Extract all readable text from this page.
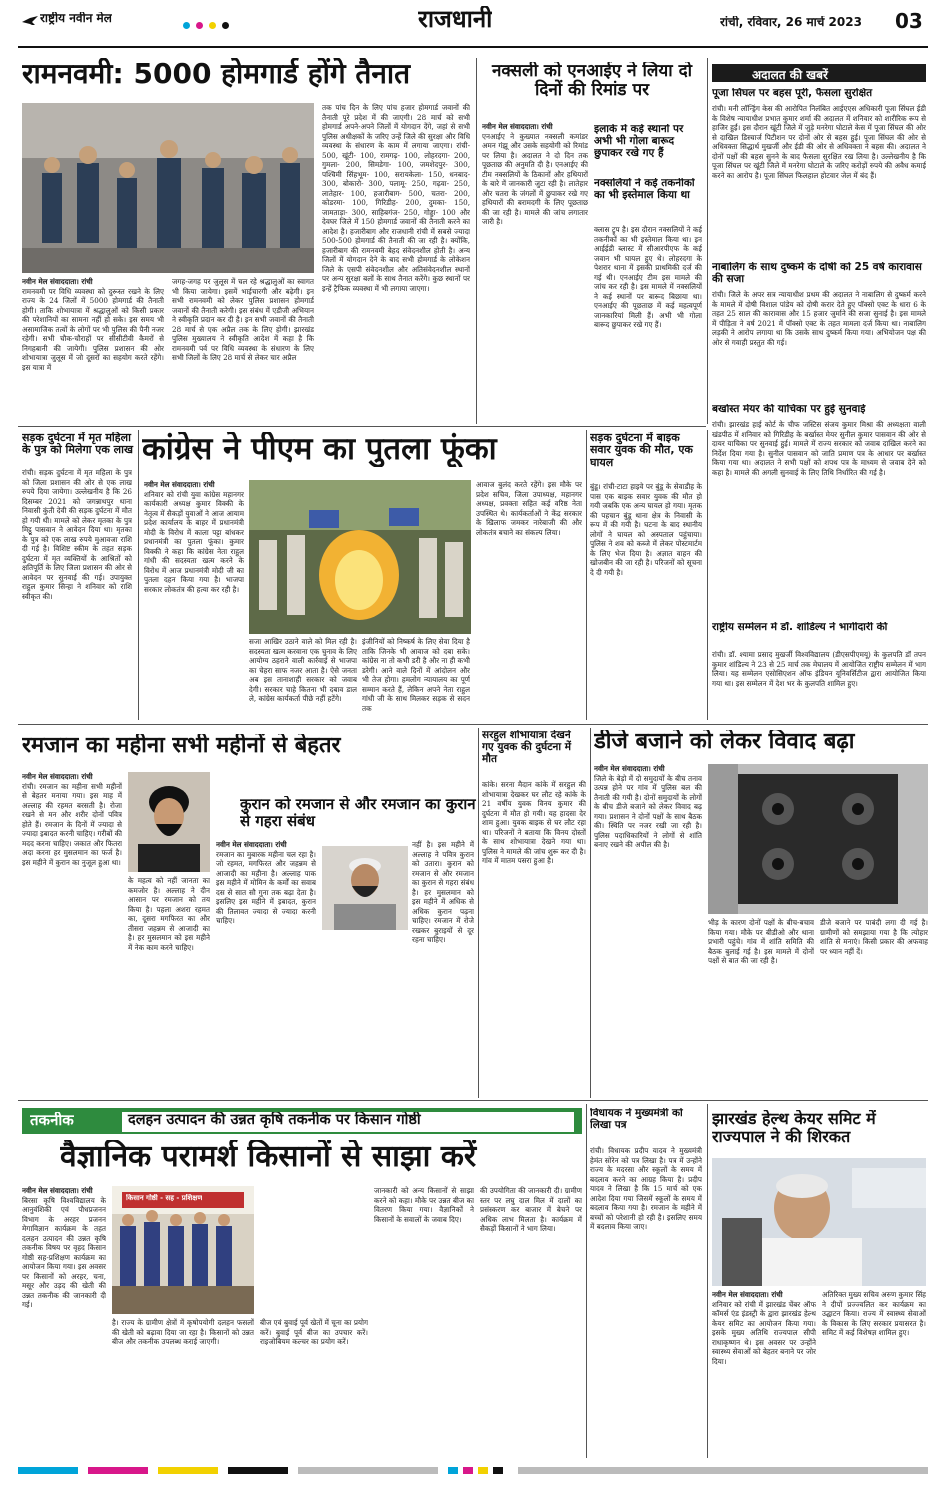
राष्ट्रीय नवीन मेल	राजधानी	रांची, रविवार, 26 मार्च 2023 03
रामनवमी: 5000 होमगार्ड होंगे तैनात
नवीन मेल संवाददाता। रांची
रामनवमी पर विधि व्यवस्था को दुरूस्त रखने के लिए राज्य के 24 जिलों में 5000 होमगार्ड की तैनाती होगी। ताकि शोभायात्रा में श्रद्धालुओं को किसी प्रकार की परेशानियों का सामना नहीं हो सके। इस समय भी असामाजिक तत्वों के लोगों पर भी पुलिस की पैनी नजर रहेगी। सभी चौक-चौराहों पर सीसीटीवी कैमरों से निगहबानी की जायेगी। पुलिस प्रशासन की ओर शोभायात्रा जुलूस में जो दूसरों का सहयोग करते रहेंगे। इस यात्रा में
जगह-जगह पर जुलूस में चल रहे श्रद्धालुओं का स्वागत भी किया जायेगा। इसमें भाईचारगी और बढ़ेगी। इन सभी रामनवमी को लेकर पुलिस प्रशासन होमगार्ड जवानों की तैनाती करेगी। इस संबंध में एडीजी अभियान ने स्वीकृति प्रदान कर दी है। इन सभी जवानों की तैनाती 28 मार्च से एक अप्रैल तक के लिए होगी। झारखंड पुलिस मुख्यालय ने स्वीकृति आदेश में कहा है कि रामनवमी पर्व पर विधि व्यवस्था के संधारण के लिए सभी जिलों के लिए 28 मार्च से लेकर चार अप्रैल
तक पांच दिन के लिए पांच हजार होमगार्ड जवानों की तैनाती पूरे प्रदेश में की जाएगी। 28 मार्च को सभी होमगार्ड अपने-अपने जिलों में योगदान देंगे, जहां से सभी पुलिस अधीक्षकों के जरिए उन्हें जिले की सुरक्षा और विधि व्यवस्था के संधारण के काम में लगाया जाएगा। रांची- 500, खूंटी- 100, रामगढ़- 100, लोहरदगा- 200, गुमला- 200, सिमडेगा- 100, जमशेदपुर- 300, पश्चिमी सिंहभूम- 100, सरायकेला- 150, धनबाद- 300, बोकारो- 300, पलामू- 250, गढ़वा- 250, लातेहार- 100, हजारीबाग- 500, चतरा- 200, कोडरमा- 100, गिरिडीह- 200, दुमका- 150, जामताड़ा- 300, साहिबगंज- 250, गोड्डा- 100 और देवघर जिले में 150 होमगार्ड जवानों की तैनाती करने का आदेश है। हजारीबाग और राजधानी रांची में सबसे ज्यादा 500-500 होमगार्ड की तैनाती की जा रही है। क्योंकि, हजारीबाग की रामनवमी बेहद संवेदनशील होती है। अन्य जिलों में योगदान देने के बाद सभी होमगार्ड के लोकेशन जिले के एसपी संवेदनशील और अतिसंवेदनशील स्थानों पर अन्य सुरक्षा बलों के साथ तैनात करेंगे। कुछ स्थानों पर इन्हें ट्रैफिक व्यवस्था में भी लगाया जाएगा।
नक्सली को एनआईए ने लिया दो दिनों की रिमांड पर
इलाके में कई स्थानों पर अभी भी गोला बारूद छुपाकर रखे गए हैं
नक्सलियों ने कई तकनीकों का भी इस्तेमाल किया था
नवीन मेल संवाददाता। रांची
एनआईए ने कुख्यात नक्सली कमांडर अमन गंझू और उसके सहयोगी को रिमांड पर लिया है। अदालत ने दो दिन तक पूछताछ की अनुमति दी है। एनआईए की टीम नक्सलियों के ठिकानों और हथियारों के बारे में जानकारी जुटा रही है। लातेहार और चतरा के जंगलों में छुपाकर रखे गए हथियारों की बरामदगी के लिए पूछताछ की जा रही है। मामले की जांच लगातार जारी है।
क्लास ट्रूप है। इस दौरान नक्सलियों ने कई तकनीकों का भी इस्तेमाल किया था। इन आईईडी ब्लास्ट में सीआरपीएफ के कई जवान भी घायल हुए थे। लोहरदगा के पेशरार थाना में इसकी प्राथमिकी दर्ज की गई थी। एनआईए टीम इस मामले की जांच कर रही है। इस मामले में नक्सलियों ने कई स्थानों पर बारूद बिछाया था। एनआईए की पूछताछ में कई महत्वपूर्ण जानकारियां मिली हैं। अभी भी गोला बारूद छुपाकर रखे गए हैं।
अदालत की खबरें
पूजा सिंघल पर बहस पूरी, फैसला सुरक्षित
रांची। मनी लॉन्ड्रिंग केस की आरोपित निलंबित आईएएस अधिकारी पूजा सिंघल ईडी के विशेष न्यायाधीश प्रभात कुमार शर्मा की अदालत में शनिवार को शारीरिक रूप से हाजिर हुईं। इस दौरान खूंटी जिले में जुड़े मनरेगा घोटाले केस में पूजा सिंघल की ओर से दाखिल डिस्चार्ज पिटीशन पर दोनों ओर से बहस हुई। पूजा सिंघल की ओर से अधिवक्ता सिद्धार्थ मुखर्जी और ईडी की ओर से अधिवक्ता ने बहस की। अदालत ने दोनों पक्षों की बहस सुनने के बाद फैसला सुरक्षित रख लिया है। उल्लेखनीय है कि पूजा सिंघल पर खूंटी जिले में मनरेगा घोटाले के जरिए करोड़ों रुपये की अवैध कमाई करने का आरोप है। पूजा सिंघल फिलहाल होटवार जेल में बंद हैं।
नाबालिग के साथ दुष्कर्म के दोषी को 25 वर्ष कारावास की सजा
रांची। जिले के अपर सत्र न्यायाधीश प्रथम की अदालत ने नाबालिग से दुष्कर्म करने के मामले में दोषी विशाल पांडेय को दोषी करार देते हुए पॉक्सो एक्ट के धारा 6 के तहत 25 साल की कारावास और 15 हजार जुर्माने की सजा सुनाई है। इस मामले में पीड़िता ने वर्ष 2021 में पॉक्सो एक्ट के तहत मामला दर्ज किया था। नाबालिग लड़की ने आरोप लगाया था कि उसके साथ दुष्कर्म किया गया। अभियोजन पक्ष की ओर से गवाही प्रस्तुत की गई।
बर्खास्त मेयर की याचिका पर हुई सुनवाई
रांची। झारखंड हाई कोर्ट के चीफ जस्टिस संजय कुमार मिश्रा की अध्यक्षता वाली खंडपीठ में शनिवार को गिरिडीह के बर्खास्त मेयर सुनील कुमार पासवान की ओर से दायर याचिका पर सुनवाई हुई। मामले में राज्य सरकार को जवाब दाखिल करने का निर्देश दिया गया है। सुनील पासवान को जाति प्रमाण पत्र के आधार पर बर्खास्त किया गया था। अदालत ने सभी पक्षों को शपथ पत्र के माध्यम से जवाब देने को कहा है। मामले की अगली सुनवाई के लिए तिथि निर्धारित की गई है।
राष्ट्रीय सम्मेलन में डॉ. शांडिल्य ने भागीदारी की
रांची। डॉ. श्यामा प्रसाद मुखर्जी विश्वविद्यालय (डीएसपीएमयू) के कुलपति डॉ तपन कुमार शांडिल्य ने 23 से 25 मार्च तक मेघालय में आयोजित राष्ट्रीय सम्मेलन में भाग लिया। यह सम्मेलन एसोसिएशन ऑफ इंडियन यूनिवर्सिटीज द्वारा आयोजित किया गया था। इस सम्मेलन में देश भर के कुलपति शामिल हुए।
सड़क दुर्घटना में मृत महिला के पुत्र को मिलेगा एक लाख
रांची। सड़क दुर्घटना में मृत महिला के पुत्र को जिला प्रशासन की ओर से एक लाख रुपये दिया जायेगा। उल्लेखनीय है कि 26 दिसम्बर 2021 को जगन्नाथपुर थाना निवासी कुंती देवी की सड़क दुर्घटना में मौत हो गयी थी। मामले को लेकर मृतका के पुत्र मिट्ठू पासवान ने आवेदन दिया था। मृतका के पुत्र को एक लाख रुपये मुआवजा राशि दी गई है। विशिष्ट स्कीम के तहत सड़क दुर्घटना में मृत व्यक्तियों के आश्रितों को क्षतिपूर्ति के लिए जिला प्रशासन की ओर से आवेदन पर सुनवाई की गई। उपायुक्त राहुल कुमार सिन्हा ने शनिवार को राशि स्वीकृत की।
कांग्रेस ने पीएम का पुतला फूंका
नवीन मेल संवाददाता। रांची
शनिवार को रांची युवा कांग्रेस महानगर कार्यकारी अध्यक्ष कुमार विक्की के नेतृत्व में सैकड़ों युवाओं ने आज आयाम प्रदेश कार्यालय के बाहर में प्रधानमंत्री मोदी के विरोध में काला पट्टा बांधकर प्रधानमंत्री का पुतला फूंका। कुमार विक्की ने कहा कि कांग्रेस नेता राहुल गांधी की सदस्यता खत्म करने के विरोध में आज प्रधानमंत्री मोदी जी का पुतला दहन किया गया है। भाजपा सरकार लोकतंत्र की हत्या कर रही है।
सजा आखिर उठाने वाले को मिल रही है। सदस्यता खत्म करवाना एक चुनाव के लिए आयोग्य ठहराने वाली कार्रवाई से भाजपा का चेहरा साफ नजर आता है। ऐसे जनता अब इस तानाशाही सरकार को जवाब देगी। सरकार चाहे कितना भी दबाव डाल ले, कांग्रेस कार्यकर्ता पीछे नहीं हटेंगे।
इंजीनियों को निष्कर्ष के लिए सेवा दिया है ताकि जिनके भी आवाज को दबा सके। कांग्रेस ना तो कभी डरी है और ना ही कभी डरेगी। आने वाले दिनों में आंदोलन और भी तेज होगा। हमलोग न्यायालय का पूर्ण सम्मान करते हैं, लेकिन अपने नेता राहुल गांधी जी के साथ मिलकर सड़क से सदन तक
आवाज बुलंद करते रहेंगे। इस मौके पर प्रदेश सचिव, जिला उपाध्यक्ष, महानगर अध्यक्ष, प्रवक्ता सहित कई वरिष्ठ नेता उपस्थित थे। कार्यकर्ताओं ने केंद्र सरकार के खिलाफ जमकर नारेबाजी की और लोकतंत्र बचाने का संकल्प लिया।
सड़क दुर्घटना में बाइक सवार युवक की मौत, एक घायल
बुंडू। रांची-टाटा हाइवे पर बुंडू के सेवाडीह के पास एक बाइक सवार युवक की मौत हो गयी जबकि एक अन्य घायल हो गया। मृतक की पहचान बुंडू थाना क्षेत्र के निवासी के रूप में की गयी है। घटना के बाद स्थानीय लोगों ने घायल को अस्पताल पहुंचाया। पुलिस ने शव को कब्जे में लेकर पोस्टमार्टम के लिए भेज दिया है। अज्ञात वाहन की खोजबीन की जा रही है। परिजनों को सूचना दे दी गयी है।
रमजान का महीना सभी महीनों से बेहतर
नवीन मेल संवाददाता। रांची
रांची। रमजान का महीना सभी महीनों से बेहतर मनाया गया। इस माह में अल्लाह की रहमत बरसती है। रोजा रखने से मन और शरीर दोनों पवित्र होते हैं। रमजान के दिनों में ज्यादा से ज्यादा इबादत करनी चाहिए। गरीबों की मदद करना चाहिए। जकात और फितरा अदा करना हर मुसलमान का फर्ज है। इस महीने में कुरान का नुजूल हुआ था।
के महत्व को नहीं जानता का कमजोर है। अल्लाह ने दीन आसान पर रमजान को तय किया है। पहला अशरा रहमत का, दूसरा मगफिरत का और तीसरा जहन्नम से आजादी का है। हर मुसलमान को इस महीने में नेक काम करने चाहिए।
कुरान को रमजान से और रमजान का कुरान से गहरा संबंध
नवीन मेल संवाददाता। रांची
रमजान का मुबारक महीना चल रहा है। जो रहमत, मगफिरत और जहन्नम से आजादी का महीना है। अल्लाह पाक इस महीने में मोमिन के कर्मों का सवाब दस से सात सौ गुना तक बढ़ा देता है। इसलिए इस महीने में इबादत, कुरान की तिलावत ज्यादा से ज्यादा करनी चाहिए।
नहीं है। इस महीने में अल्लाह ने पवित्र कुरान को उतारा। कुरान को रमजान से और रमजान का कुरान से गहरा संबंध है। हर मुसलमान को इस महीने में अधिक से अधिक कुरान पढ़ना चाहिए। रमजान में रोजे रखकर बुराइयों से दूर रहना चाहिए।
सरहुल शोभायात्रा देखने गए युवक की दुर्घटना में मौत
कांके। सरना मैदान कांके में सरहुल की शोभायात्रा देखकर घर लौट रहे कांके के 21 वर्षीय युवक विनय कुमार की दुर्घटना में मौत हो गयी। यह हादसा देर शाम हुआ। युवक बाइक से घर लौट रहा था। परिजनों ने बताया कि विनय दोस्तों के साथ शोभायात्रा देखने गया था। पुलिस ने मामले की जांच शुरू कर दी है। गांव में मातम पसरा हुआ है।
डीजे बजाने को लेकर विवाद बढ़ा
नवीन मेल संवाददाता। रांची
जिले के बेड़ो में दो समुदायों के बीच तनाव उत्पन्न होने पर गांव में पुलिस बल की तैनाती की गयी है। दोनों समुदायों के लोगों के बीच डीजे बजाने को लेकर विवाद बढ़ गया। प्रशासन ने दोनों पक्षों के साथ बैठक की। स्थिति पर नजर रखी जा रही है। पुलिस पदाधिकारियों ने लोगों से शांति बनाए रखने की अपील की है।
भीड़ के कारण दोनों पक्षों के बीच-बचाव किया गया। मौके पर बीडीओ और थाना प्रभारी पहुंचे। गांव में शांति समिति की बैठक बुलाई गई है। इस मामले में दोनों पक्षों से बात की जा रही है।
डीजे बजाने पर पाबंदी लगा दी गई है। ग्रामीणों को समझाया गया है कि त्योहार शांति से मनाएं। किसी प्रकार की अफवाह पर ध्यान नहीं दें।
तकनीक	दलहन उत्पादन की उन्नत कृषि तकनीक पर किसान गोष्ठी
वैज्ञानिक परामर्श किसानों से साझा करें
नवीन मेल संवाददाता। रांची
बिरसा कृषि विश्वविद्यालय के आनुवंशिकी एवं पौधप्रजनन विभाग के अरहर प्रजनन मेगाविज्ञान कार्यक्रम के तहत दलहन उत्पादन की उन्नत कृषि तकनीक विषय पर वृहद किसान गोष्ठी सह-प्रशिक्षण कार्यक्रम का आयोजन किया गया। इस अवसर पर किसानों को अरहर, चना, मसूर और उड़द की खेती की उन्नत तकनीक की जानकारी दी गई।
किसान गोष्ठी - सह - प्रशिक्षण
है। राज्य के ग्रामीण क्षेत्रों में कृषोपयोगी दलहन फसलों की खेती को बढ़ावा दिया जा रहा है। किसानों को उन्नत बीज और तकनीक उपलब्ध कराई जाएगी।
बीज एवं बुवाई पूर्व खेतों में चूना का प्रयोग करें। बुवाई पूर्व बीज का उपचार करें। राइजोबियम कल्चर का प्रयोग करें।
जानकारी को अन्य किसानों से साझा करने को कहा। मौके पर उन्नत बीज का वितरण किया गया। वैज्ञानिकों ने किसानों के सवालों के जवाब दिए।
की उपयोगिता की जानकारी दी। ग्रामीण स्तर पर लघु दाल मिल में दालों का प्रसंस्करण कर बाजार में बेचने पर अधिक लाभ मिलता है। कार्यक्रम में सैकड़ों किसानों ने भाग लिया।
विधायक ने मुख्यमंत्री को लिखा पत्र
रांची। विधायक प्रदीप यादव ने मुख्यमंत्री हेमंत सोरेन को पत्र लिखा है। पत्र में उन्होंने राज्य के मदरसा और स्कूलों के समय में बदलाव करने का आग्रह किया है। प्रदीप यादव ने लिखा है कि 15 मार्च को एक आदेश दिया गया जिसमें स्कूलों के समय में बदलाव किया गया है। रमजान के महीने में बच्चों को परेशानी हो रही है। इसलिए समय में बदलाव किया जाए।
झारखंड हेल्थ केयर समिट में राज्यपाल ने की शिरकत
नवीन मेल संवाददाता। रांची
शनिवार को रांची में झारखंड चेंबर ऑफ कॉमर्स एंड इंडस्ट्री के द्वारा झारखंड हेल्थ केयर समिट का आयोजन किया गया। इसके मुख्य अतिथि राज्यपाल सीपी राधाकृष्णन थे। इस अवसर पर उन्होंने स्वास्थ्य सेवाओं को बेहतर बनाने पर जोर दिया।
अतिरिक्त मुख्य सचिव अरुण कुमार सिंह ने दीपों प्रज्ज्वलित कर कार्यक्रम का उद्घाटन किया। राज्य में स्वास्थ्य सेवाओं के विकास के लिए सरकार प्रयासरत है। समिट में कई विशेषज्ञ शामिल हुए।
